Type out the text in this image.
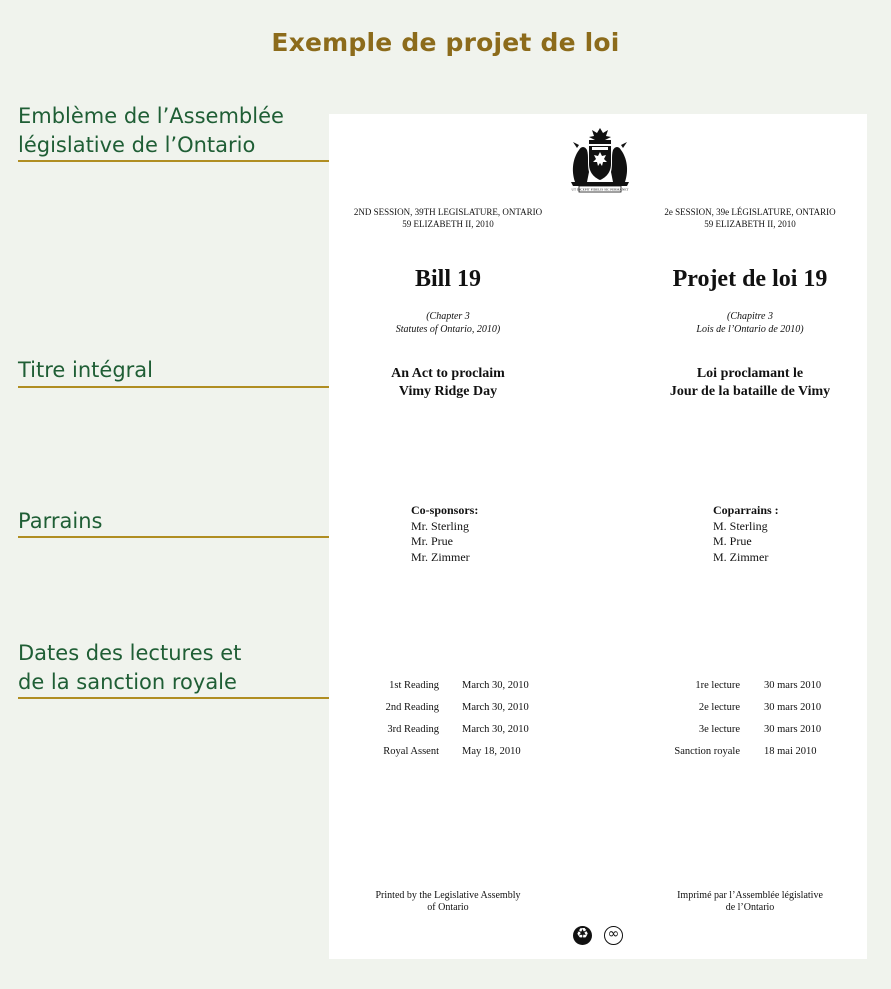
Exemple de projet de loi
Emblème de l’Assemblée
législative de l’Ontario
Titre intégral
Parrains
Dates des lectures et
de la sanction royale
UT INCEPIT FIDELIS SIC PERMANET
2ND SESSION, 39TH LEGISLATURE, ONTARIO
59 ELIZABETH II, 2010
Bill 19
(Chapter 3
Statutes of Ontario, 2010)
An Act to proclaim
Vimy Ridge Day
Co-sponsors:
Mr. Sterling
Mr. Prue
Mr. Zimmer
1st Reading March 30, 2010
2nd Reading March 30, 2010
3rd Reading March 30, 2010
Royal Assent May 18, 2010
Printed by the Legislative Assembly
of Ontario
2e SESSION, 39e LÉGISLATURE, ONTARIO
59 ELIZABETH II, 2010
Projet de loi 19
(Chapitre 3
Lois de l’Ontario de 2010)
Loi proclamant le
Jour de la bataille de Vimy
Coparrains :
M. Sterling
M. Prue
M. Zimmer
1re lecture 30 mars 2010
2e lecture 30 mars 2010
3e lecture 30 mars 2010
Sanction royale 18 mai 2010
Imprimé par l’Assemblée législative
de l’Ontario
♻ ∞
